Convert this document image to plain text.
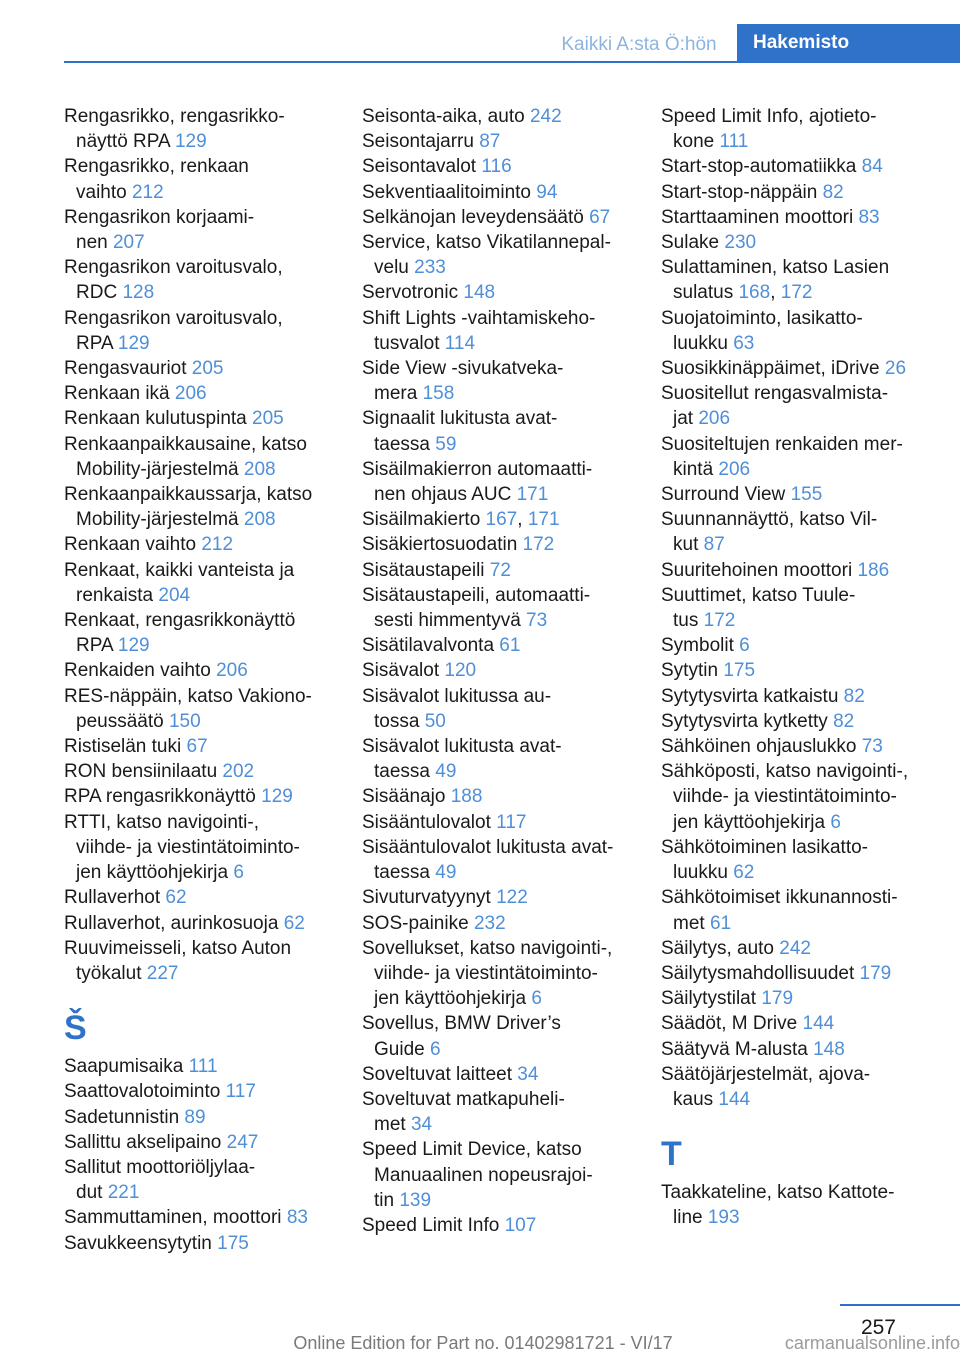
Kaikki A:sta Ö:hön	Hakemisto
Rengasrikko, rengasrikko-
näyttö RPA 129
Rengasrikko, renkaan
vaihto 212
Rengasrikon korjaami-
nen 207
Rengasrikon varoitusvalo,
RDC 128
Rengasrikon varoitusvalo,
RPA 129
Rengasvauriot 205
Renkaan ikä 206
Renkaan kulutuspinta 205
Renkaanpaikkausaine, katso
Mobility-järjestelmä 208
Renkaanpaikkaussarja, katso
Mobility-järjestelmä 208
Renkaan vaihto 212
Renkaat, kaikki vanteista ja
renkaista 204
Renkaat, rengasrikkonäyttö
RPA 129
Renkaiden vaihto 206
RES-näppäin, katso Vakiono-
peussäätö 150
Ristiselän tuki 67
RON bensiinilaatu 202
RPA rengasrikkonäyttö 129
RTTI, katso navigointi-,
viihde- ja viestintätoiminto-
jen käyttöohjekirja 6
Rullaverhot 62
Rullaverhot, aurinkosuoja 62
Ruuvimeisseli, katso Auton
työkalut 227
Š
Saapumisaika 111
Saattovalotoiminto 117
Sadetunnistin 89
Sallittu akselipaino 247
Sallitut moottoriöljylaa-
dut 221
Sammuttaminen, moottori 83
Savukkeensytytin 175
Seisonta-aika, auto 242
Seisontajarru 87
Seisontavalot 116
Sekventiaalitoiminto 94
Selkänojan leveydensäätö 67
Service, katso Vikatilannepal-
velu 233
Servotronic 148
Shift Lights -vaihtamiskeho-
tusvalot 114
Side View -sivukatveka-
mera 158
Signaalit lukitusta avat-
taessa 59
Sisäilmakierron automaatti-
nen ohjaus AUC 171
Sisäilmakierto 167, 171
Sisäkiertosuodatin 172
Sisätaustapeili 72
Sisätaustapeili, automaatti-
sesti himmentyvä 73
Sisätilavalvonta 61
Sisävalot 120
Sisävalot lukitussa au-
tossa 50
Sisävalot lukitusta avat-
taessa 49
Sisäänajo 188
Sisääntulovalot 117
Sisääntulovalot lukitusta avat-
taessa 49
Sivuturvatyynyt 122
SOS-painike 232
Sovellukset, katso navigointi-,
viihde- ja viestintätoiminto-
jen käyttöohjekirja 6
Sovellus, BMW Driver’s
Guide 6
Soveltuvat laitteet 34
Soveltuvat matkapuheli-
met 34
Speed Limit Device, katso
Manuaalinen nopeusrajoi-
tin 139
Speed Limit Info 107
Speed Limit Info, ajotieto-
kone 111
Start-stop-automatiikka 84
Start-stop-näppäin 82
Starttaaminen moottori 83
Sulake 230
Sulattaminen, katso Lasien
sulatus 168, 172
Suojatoiminto, lasikatto-
luukku 63
Suosikkinäppäimet, iDrive 26
Suositellut rengasvalmista-
jat 206
Suositeltujen renkaiden mer-
kintä 206
Surround View 155
Suunnannäyttö, katso Vil-
kut 87
Suuritehoinen moottori 186
Suuttimet, katso Tuule-
tus 172
Symbolit 6
Sytytin 175
Sytytysvirta katkaistu 82
Sytytysvirta kytketty 82
Sähköinen ohjauslukko 73
Sähköposti, katso navigointi-,
viihde- ja viestintätoiminto-
jen käyttöohjekirja 6
Sähkötoiminen lasikatto-
luukku 62
Sähkötoimiset ikkunannosti-
met 61
Säilytys, auto 242
Säilytysmahdollisuudet 179
Säilytystilat 179
Säädöt, M Drive 144
Säätyvä M-alusta 148
Säätöjärjestelmät, ajova-
kaus 144
T
Taakkateline, katso Kattote-
line 193
257
Online Edition for Part no. 01402981721 - VI/17	carmanualsonline.info
